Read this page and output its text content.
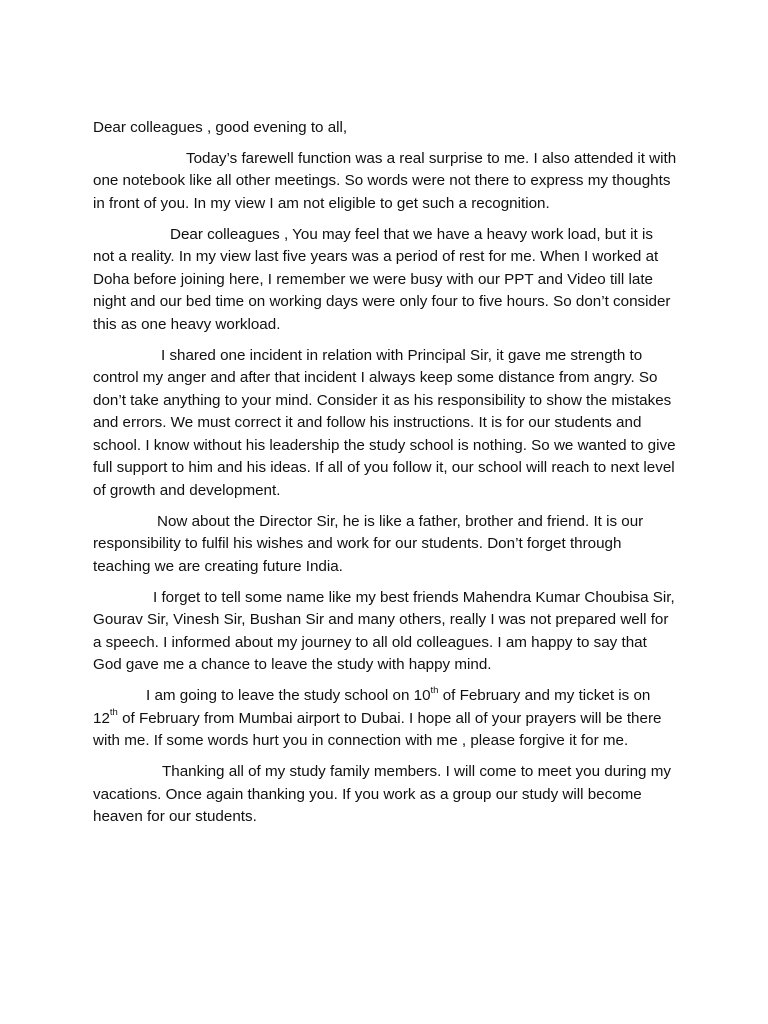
Dear colleagues , good evening to all,

Today’s farewell function was a real surprise to me. I also attended it with one notebook like all other meetings. So words were not there to express my thoughts in front of you. In my view I am not eligible to get such a recognition.

Dear colleagues , You may feel that we have a heavy work load, but it is not a reality. In my view last five years was a period of rest for me. When I worked at Doha before joining here, I remember we were busy with our PPT and Video till late night and our bed time on working days were only four to five hours. So don’t consider this as one heavy workload.

I shared one incident in relation with Principal Sir, it gave me strength to control my anger and after that incident I always keep some distance from angry. So don’t take anything to your mind. Consider it as his responsibility to show the mistakes and errors. We must correct it and follow his instructions. It is for our students and school. I know without his leadership the study school is nothing. So we wanted to give full support to him and his ideas. If all of you follow it, our school will reach to next level of growth and development.

Now about the Director Sir, he is like a father, brother and friend. It is our responsibility to fulfil his wishes and work for our students. Don’t forget through teaching we are creating future India.

I forget to tell some name like my best friends Mahendra Kumar Choubisa Sir, Gourav Sir, Vinesh Sir, Bushan Sir and many others, really I was not prepared well for a speech. I informed about my journey to all old colleagues. I am happy to say that God gave me a chance to leave the study with happy mind.

I am going to leave the study school on 10th of February and my ticket is on 12th of February from Mumbai airport to Dubai. I hope all of your prayers will be there with me. If some words hurt you in connection with me , please forgive it for me.

Thanking all of my study family members. I will come to meet you during my vacations. Once again thanking you. If you work as a group our study will become heaven for our students.
